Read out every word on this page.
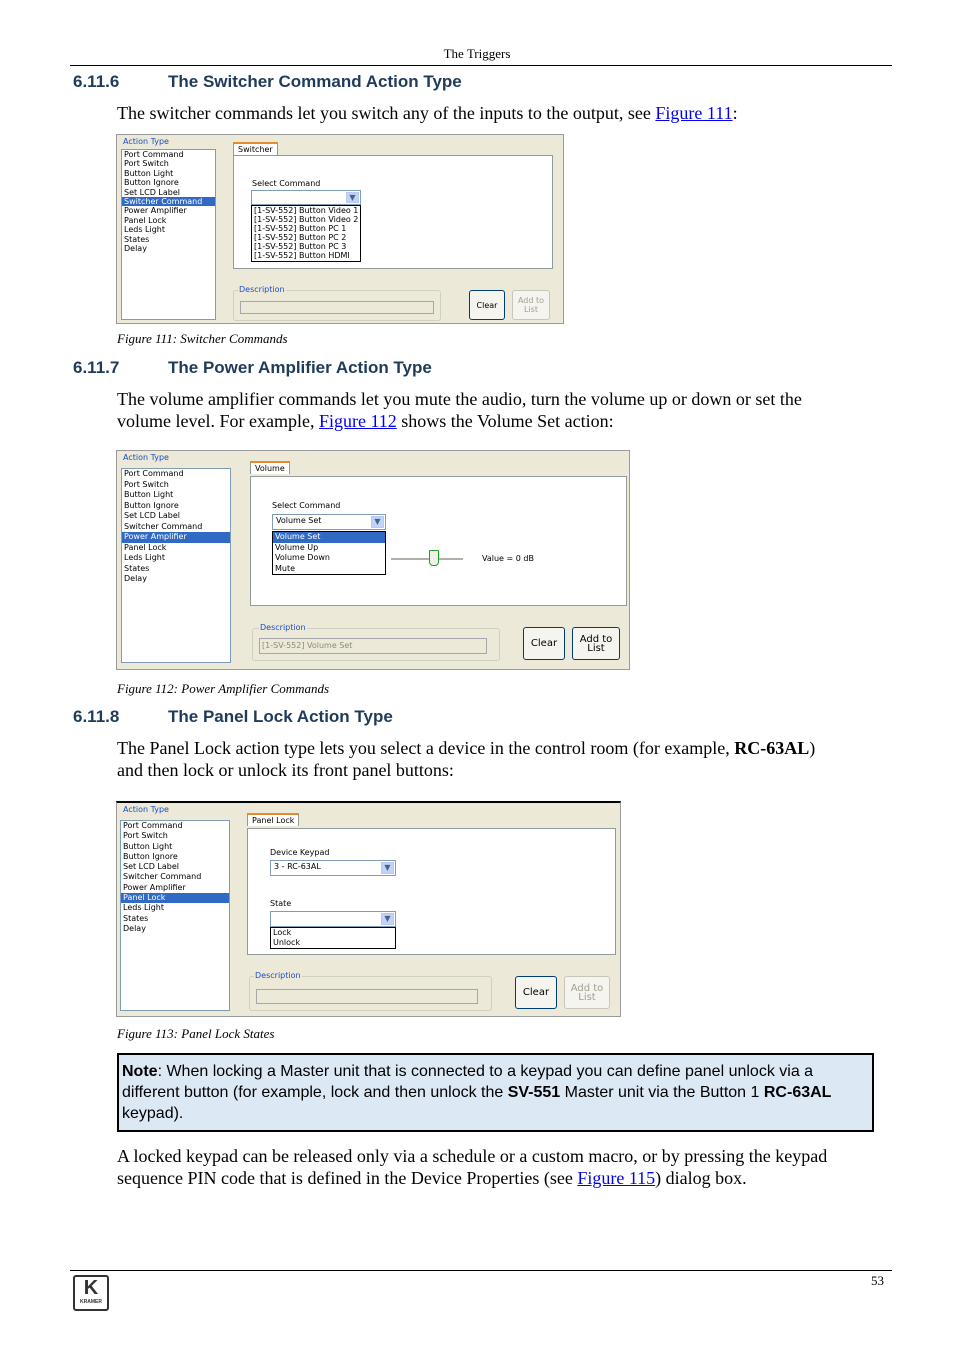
The Triggers
6.11.6	The Switcher Command Action Type
The switcher commands let you switch any of the inputs to the output, see Figure 111:
Action Type
Port Command
Port Switch
Button Light
Button Ignore
Set LCD Label
Switcher Command
Power Amplifier
Panel Lock
Leds Light
States
Delay
Select Command
▼
[1-SV-552] Button Video 1
[1-SV-552] Button Video 2
[1-SV-552] Button PC 1
[1-SV-552] Button PC 2
[1-SV-552] Button PC 3
[1-SV-552] Button HDMI
Switcher
Description
Clear	Add to
List
Figure 111: Switcher Commands
6.11.7	The Power Amplifier Action Type
The volume amplifier commands let you mute the audio, turn the volume up or down or set the
volume level. For example, Figure 112 shows the Volume Set action:
Action Type
Port Command
Port Switch
Button Light
Button Ignore
Set LCD Label
Switcher Command
Power Amplifier
Panel Lock
Leds Light
States
Delay
Select Command
Volume Set	▼
Volume Set
Volume Up
Volume Down
Mute
Value = 0 dB
Volume
Description
[1-SV-552] Volume Set	Clear Add to
List
Figure 112: Power Amplifier Commands
6.11.8	The Panel Lock Action Type
The Panel Lock action type lets you select a device in the control room (for example, RC-63AL)
and then lock or unlock its front panel buttons:
Action Type
Port Command
Port Switch
Button Light
Button Ignore
Set LCD Label
Switcher Command
Power Amplifier
Panel Lock
Leds Light
States
Delay
Device Keypad
3 - RC-63AL	▼
State
▼
Lock
Unlock
Panel Lock
Description
Clear Add to
List
Figure 113: Panel Lock States
Note: When locking a Master unit that is connected to a keypad you can define panel unlock via a different button (for example, lock and then unlock the SV-551 Master unit via the Button 1 RC-63AL keypad).
A locked keypad can be released only via a schedule or a custom macro, or by pressing the keypad
sequence PIN code that is defined in the Device Properties (see Figure 115) dialog box.
K
KRAMER
53
